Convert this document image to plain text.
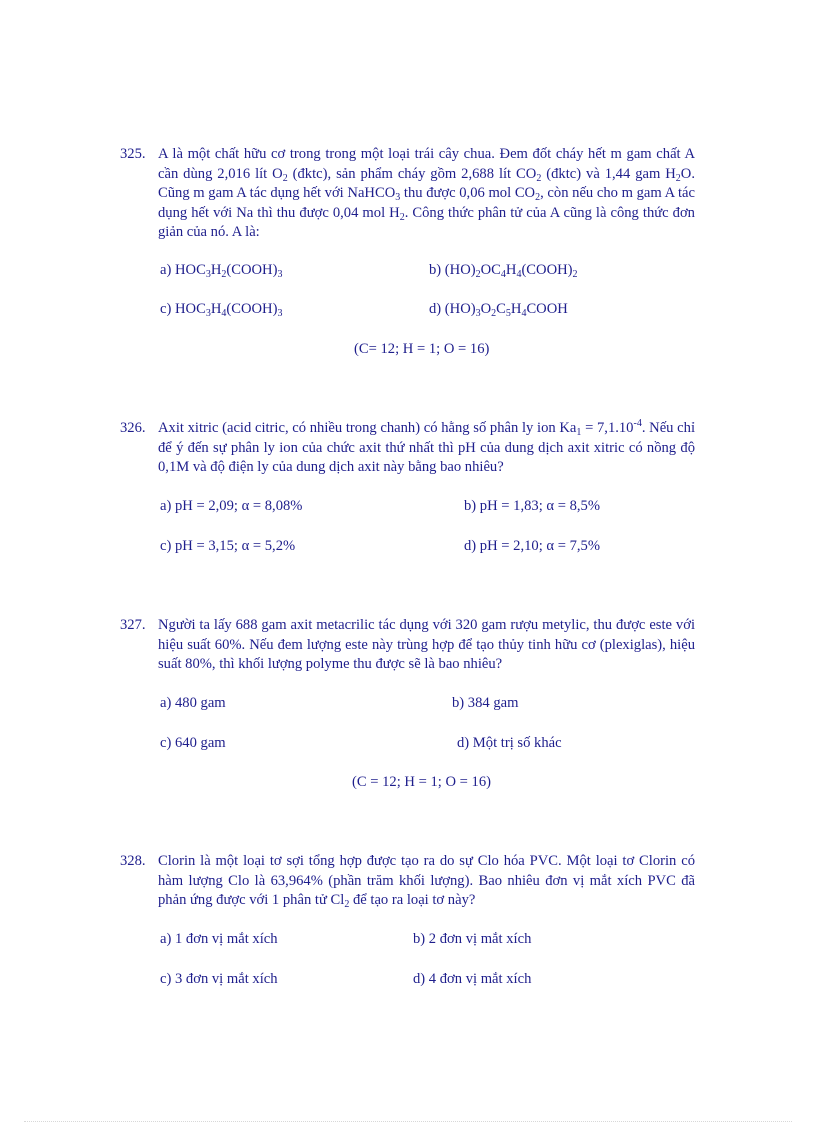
325. A là một chất hữu cơ trong trong một loại trái cây chua. Đem đốt cháy hết m gam chất A cần dùng 2,016 lít $O_2$ (đktc), sản phẩm cháy gồm 2,688 lít $CO_2$ (đktc) và 1,44 gam $H_2O$. Cũng m gam A tác dụng hết với NaHCO$_3$ thu được 0,06 mol $CO_2$, còn nếu cho m gam A tác dụng hết với Na thì thu được 0,04 mol $H_2$. Công thức phân tử của A cũng là công thức đơn giản của nó. A là:

a) $HOC_3H_2(COOH)_3$	b) $(HO)_2OC_4H_4(COOH)_2$
c) $HOC_3H_4(COOH)_3$	d) $(HO)_3O_2C_5H_4COOH$
(C= 12; H = 1; O = 16)

326. Axit xitric (acid citric, có nhiều trong chanh) có hằng số phân ly ion $Ka_1 = 7,1.10^{-4}$. Nếu chỉ để ý đến sự phân ly ion của chức axit thứ nhất thì pH của dung dịch axit xitric có nồng độ 0,1M và độ điện ly của dung dịch axit này bằng bao nhiêu?

a) pH = 2,09; α = 8,08%	b) pH = 1,83; α = 8,5%
c) pH = 3,15; α = 5,2%	d) pH = 2,10; α = 7,5%

327. Người ta lấy 688 gam axit metacrilic tác dụng với 320 gam rượu metylic, thu được este với hiệu suất 60%. Nếu đem lượng este này trùng hợp để tạo thủy tinh hữu cơ (plexiglas), hiệu suất 80%, thì khối lượng polyme thu được sẽ là bao nhiêu?

a) 480 gam	b) 384 gam
c) 640 gam	d) Một trị số khác
(C = 12; H = 1; O = 16)

328. Clorin là một loại tơ sợi tổng hợp được tạo ra do sự Clo hóa PVC. Một loại tơ Clorin có hàm lượng Clo là 63,964% (phần trăm khối lượng). Bao nhiêu đơn vị mắt xích PVC đã phản ứng được với 1 phân tử $Cl_2$ để tạo ra loại tơ này?

a) 1 đơn vị mắt xích	b) 2 đơn vị mắt xích
c) 3 đơn vị mắt xích	d) 4 đơn vị mắt xích
